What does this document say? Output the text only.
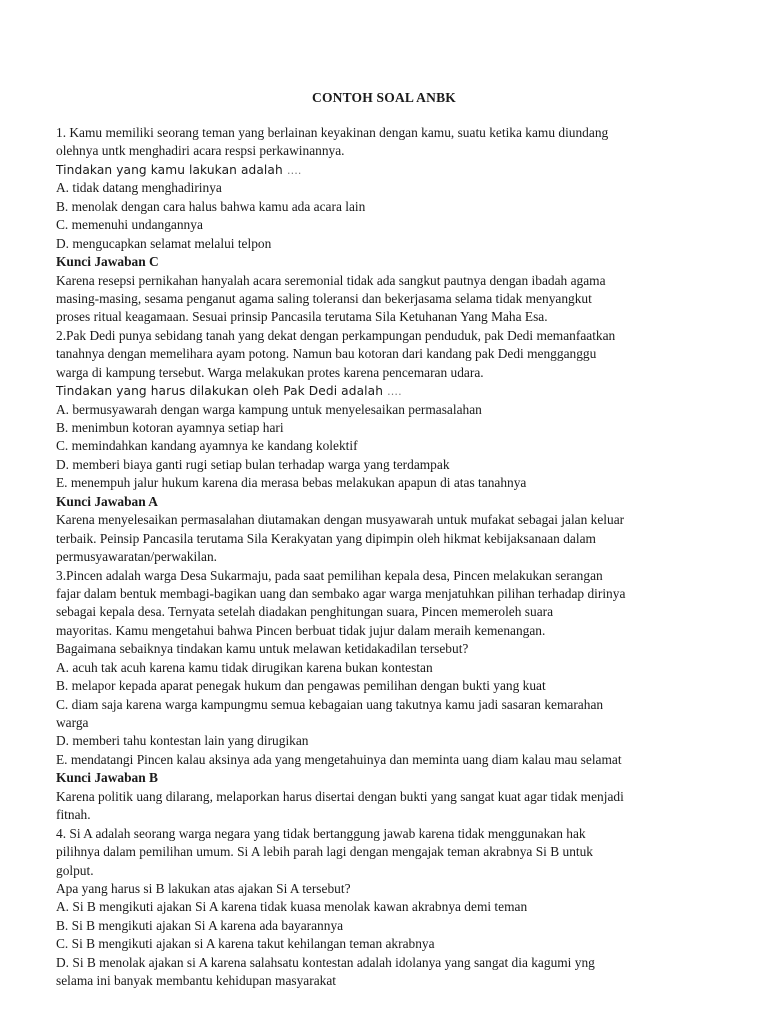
CONTOH SOAL ANBK
1. Kamu memiliki seorang teman yang berlainan keyakinan dengan kamu, suatu ketika kamu diundang
olehnya untk menghadiri acara respsi perkawinannya.
Tindakan yang kamu lakukan adalah ….
A. tidak datang menghadirinya
B. menolak dengan cara halus bahwa kamu ada acara lain
C. memenuhi undangannya
D. mengucapkan selamat melalui telpon
Kunci Jawaban C
Karena resepsi pernikahan hanyalah acara seremonial tidak ada sangkut pautnya dengan ibadah agama
masing-masing, sesama penganut agama saling toleransi dan bekerjasama selama tidak menyangkut
proses ritual keagamaan. Sesuai prinsip Pancasila terutama Sila Ketuhanan Yang Maha Esa.
2.Pak Dedi punya sebidang tanah yang dekat dengan perkampungan penduduk, pak Dedi memanfaatkan
tanahnya dengan memelihara ayam potong. Namun bau kotoran dari kandang pak Dedi mengganggu
warga di kampung tersebut. Warga melakukan protes karena pencemaran udara.
Tindakan yang harus dilakukan oleh Pak Dedi adalah ….
A. bermusyawarah dengan warga kampung untuk menyelesaikan permasalahan
B. menimbun kotoran ayamnya setiap hari
C. memindahkan kandang ayamnya ke kandang kolektif
D. memberi biaya ganti rugi setiap bulan terhadap warga yang terdampak
E. menempuh jalur hukum karena dia merasa bebas melakukan apapun di atas tanahnya
Kunci Jawaban A
Karena menyelesaikan permasalahan diutamakan dengan musyawarah untuk mufakat sebagai jalan keluar
terbaik. Peinsip Pancasila terutama Sila Kerakyatan yang dipimpin oleh hikmat kebijaksanaan dalam
permusyawaratan/perwakilan.
3.Pincen adalah warga Desa Sukarmaju, pada saat pemilihan kepala desa, Pincen melakukan serangan
fajar dalam bentuk membagi-bagikan uang dan sembako agar warga menjatuhkan pilihan terhadap dirinya
sebagai kepala desa. Ternyata setelah diadakan penghitungan suara, Pincen memeroleh suara
mayoritas. Kamu mengetahui bahwa Pincen berbuat tidak jujur dalam meraih kemenangan.
Bagaimana sebaiknya tindakan kamu untuk melawan ketidakadilan tersebut?
A. acuh tak acuh karena kamu tidak dirugikan karena bukan kontestan
B. melapor kepada aparat penegak hukum dan pengawas pemilihan dengan bukti yang kuat
C. diam saja karena warga kampungmu semua kebagaian uang takutnya kamu jadi sasaran kemarahan
warga
D. memberi tahu kontestan lain yang dirugikan
E. mendatangi Pincen kalau aksinya ada yang mengetahuinya dan meminta uang diam kalau mau selamat
Kunci Jawaban B
Karena politik uang dilarang, melaporkan harus disertai dengan bukti yang sangat kuat agar tidak menjadi
fitnah.
4. Si A adalah seorang warga negara yang tidak bertanggung jawab karena tidak menggunakan hak
pilihnya dalam pemilihan umum. Si A lebih parah lagi dengan mengajak teman akrabnya Si B untuk
golput.
Apa yang harus si B lakukan atas ajakan Si A tersebut?
A. Si B mengikuti ajakan Si A karena tidak kuasa menolak kawan akrabnya demi teman
B. Si B mengikuti ajakan Si A karena ada bayarannya
C. Si B mengikuti ajakan si A karena takut kehilangan teman akrabnya
D. Si B menolak ajakan si A karena salahsatu kontestan adalah idolanya yang sangat dia kagumi yng
selama ini banyak membantu kehidupan masyarakat
